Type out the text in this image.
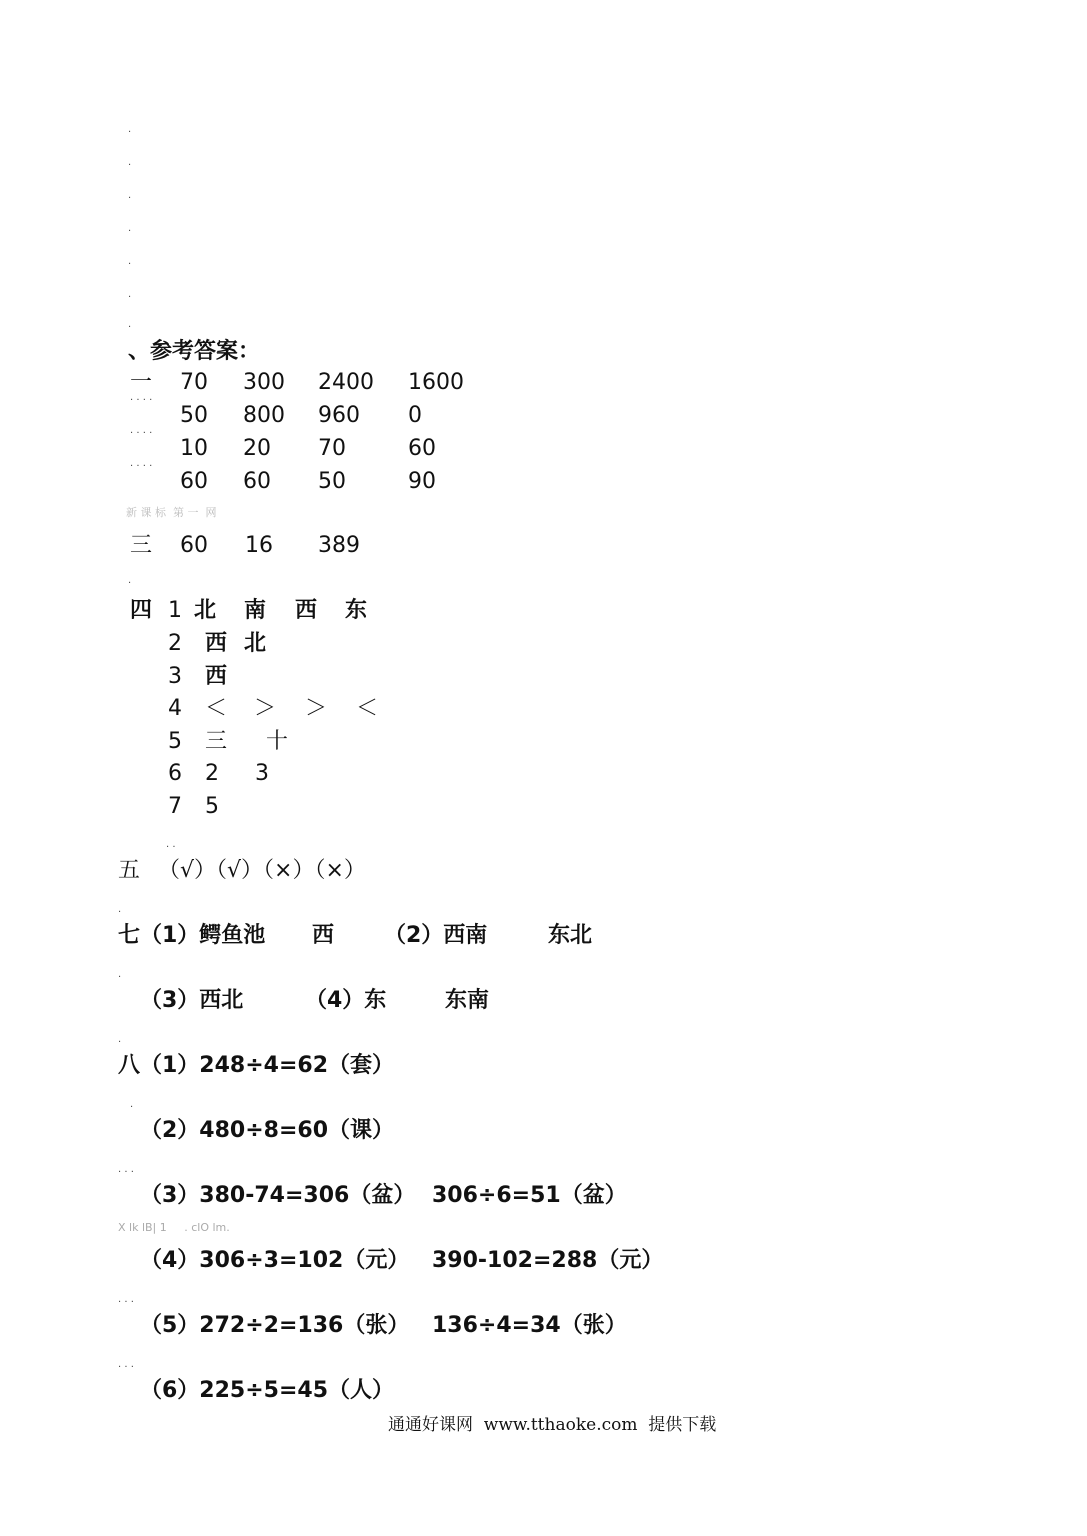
.
.
.
.
.
.
.
、参考答案：
一 70 300 2400 1600
50 800 960 0
10 20 70	60
60 60 50	90
. . . .
. . . .
. . . .
新 课 标  第 一  网
三 60 16 389
.
四 1 北 南 西 东
2 西 北
3 西
4 ＜ ＞ ＞ ＜
5 三 十
6 2 3
7 5
. .
五 （√）（√）（×）（×）
.
七 （1）鳄鱼池 西 （2）西南	东北
.
（3）西北	（4）东	东南
.
八 （1）248÷4=62（套）
.
（2）480÷8=60（课）
. . .
（3）380-74=306（盆） 306÷6=51（盆）
X lk lB| 1     . clO lm.
（4）306÷3=102（元） 390-102=288（元）
. . .
（5）272÷2=136（张） 136÷4=34（张）
. . .
（6）225÷5=45（人）
通通好课网  www.tthaoke.com  提供下载
